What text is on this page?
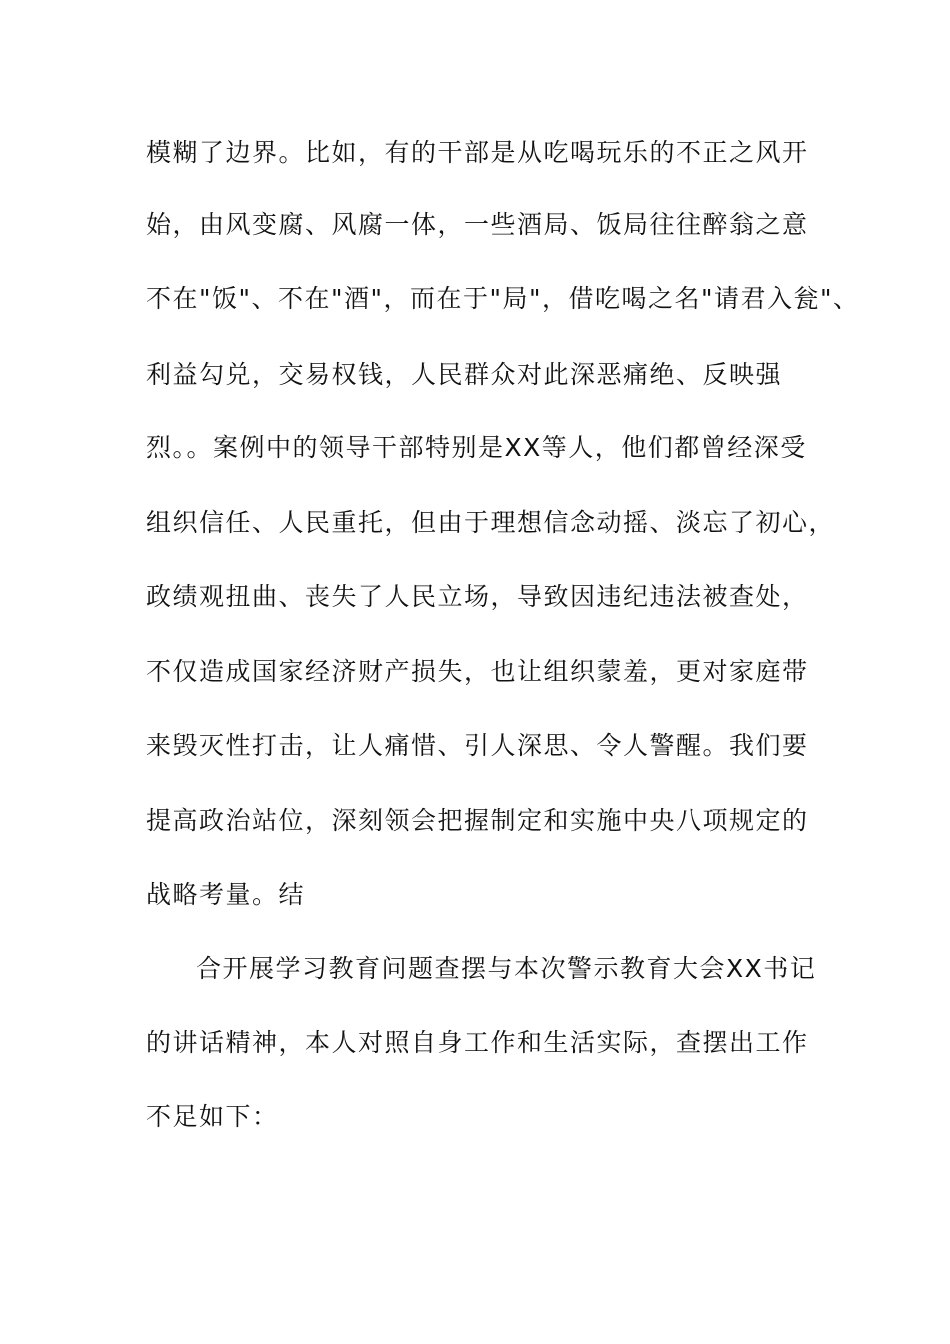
模糊了边界。比如，有的干部是从吃喝玩乐的不正之风开
始，由风变腐、风腐一体，一些酒局、饭局往往醉翁之意
不在"饭"、不在"酒"，而在于"局"，借吃喝之名"请君入瓮"、
利益勾兑，交易权钱，人民群众对此深恶痛绝、反映强
烈。。案例中的领导干部特别是XX等人，他们都曾经深受
组织信任、人民重托，但由于理想信念动摇、淡忘了初心，
政绩观扭曲、丧失了人民立场，导致因违纪违法被查处，
不仅造成国家经济财产损失，也让组织蒙羞，更对家庭带
来毁灭性打击，让人痛惜、引人深思、令人警醒。我们要
提高政治站位，深刻领会把握制定和实施中央八项规定的
战略考量。结
合开展学习教育问题查摆与本次警示教育大会XX书记
的讲话精神，本人对照自身工作和生活实际，查摆出工作
不足如下：
